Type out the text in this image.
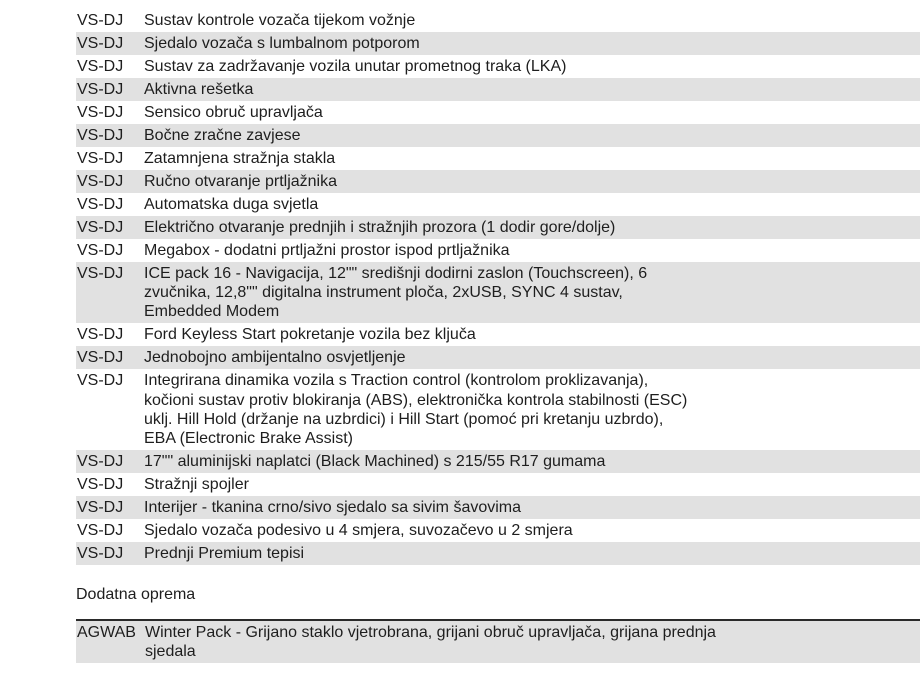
VS-DJ	Sustav kontrole vozača tijekom vožnje
VS-DJ	Sjedalo vozača s lumbalnom potporom
VS-DJ	Sustav za zadržavanje vozila unutar prometnog traka (LKA)
VS-DJ	Aktivna rešetka
VS-DJ	Sensico obruč upravljača
VS-DJ	Bočne zračne zavjese
VS-DJ	Zatamnjena stražnja stakla
VS-DJ	Ručno otvaranje prtljažnika
VS-DJ	Automatska duga svjetla
VS-DJ	Električno otvaranje prednjih i stražnjih prozora (1 dodir gore/dolje)
VS-DJ	Megabox - dodatni prtljažni prostor ispod prtljažnika
VS-DJ	ICE pack 16 - Navigacija, 12"" središnji dodirni zaslon (Touchscreen), 6
zvučnika, 12,8"" digitalna instrument ploča, 2xUSB, SYNC 4 sustav,
Embedded Modem
VS-DJ	Ford Keyless Start pokretanje vozila bez ključa
VS-DJ	Jednobojno ambijentalno osvjetljenje
VS-DJ	Integrirana dinamika vozila s Traction control (kontrolom proklizavanja),
kočioni sustav protiv blokiranja (ABS), elektronička kontrola stabilnosti (ESC)
uklj. Hill Hold (držanje na uzbrdici) i Hill Start (pomoć pri kretanju uzbrdo),
EBA (Electronic Brake Assist)
VS-DJ	17"" aluminijski naplatci (Black Machined) s 215/55 R17 gumama
VS-DJ	Stražnji spojler
VS-DJ	Interijer - tkanina crno/sivo sjedalo sa sivim šavovima
VS-DJ	Sjedalo vozača podesivo u 4 smjera, suvozačevo u 2 smjera
VS-DJ	Prednji Premium tepisi
Dodatna oprema
AGWAB Winter Pack - Grijano staklo vjetrobrana, grijani obruč upravljača, grijana prednja
sjedala
